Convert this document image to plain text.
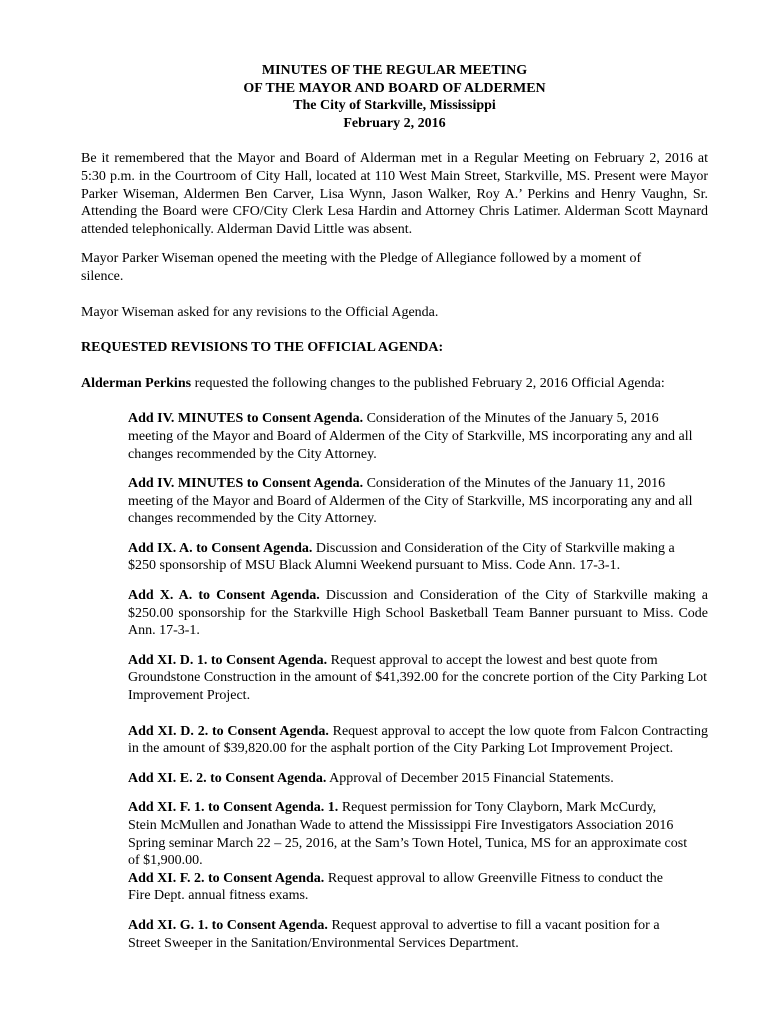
MINUTES OF THE REGULAR MEETING
OF THE MAYOR AND BOARD OF ALDERMEN
The City of Starkville, Mississippi
February 2, 2016

Be it remembered that the Mayor and Board of Alderman met in a Regular Meeting on February 2, 2016 at 5:30 p.m. in the Courtroom of City Hall, located at 110 West Main Street, Starkville, MS. Present were Mayor Parker Wiseman, Aldermen Ben Carver, Lisa Wynn, Jason Walker, Roy A.’ Perkins and Henry Vaughn, Sr. Attending the Board were CFO/City Clerk Lesa Hardin and Attorney Chris Latimer. Alderman Scott Maynard attended telephonically. Alderman David Little was absent.

Mayor Parker Wiseman opened the meeting with the Pledge of Allegiance followed by a moment of silence.

Mayor Wiseman asked for any revisions to the Official Agenda.

REQUESTED REVISIONS TO THE OFFICIAL AGENDA:

Alderman Perkins requested the following changes to the published February 2, 2016 Official Agenda:

Add IV. MINUTES to Consent Agenda. Consideration of the Minutes of the January 5, 2016 meeting of the Mayor and Board of Aldermen of the City of Starkville, MS incorporating any and all changes recommended by the City Attorney.

Add IV. MINUTES to Consent Agenda. Consideration of the Minutes of the January 11, 2016 meeting of the Mayor and Board of Aldermen of the City of Starkville, MS incorporating any and all changes recommended by the City Attorney.

Add IX. A. to Consent Agenda. Discussion and Consideration of the City of Starkville making a $250 sponsorship of MSU Black Alumni Weekend pursuant to Miss. Code Ann. 17-3-1.

Add X. A. to Consent Agenda. Discussion and Consideration of the City of Starkville making a $250.00 sponsorship for the Starkville High School Basketball Team Banner pursuant to Miss. Code Ann. 17-3-1.

Add XI. D. 1. to Consent Agenda. Request approval to accept the lowest and best quote from Groundstone Construction in the amount of $41,392.00 for the concrete portion of the City Parking Lot Improvement Project.

Add XI. D. 2. to Consent Agenda. Request approval to accept the low quote from Falcon Contracting in the amount of $39,820.00 for the asphalt portion of the City Parking Lot Improvement Project.

Add XI. E. 2. to Consent Agenda. Approval of December 2015 Financial Statements.

Add XI. F. 1. to Consent Agenda. 1. Request permission for Tony Clayborn, Mark McCurdy, Stein McMullen and Jonathan Wade to attend the Mississippi Fire Investigators Association 2016 Spring seminar March 22 – 25, 2016, at the Sam’s Town Hotel, Tunica, MS for an approximate cost of $1,900.00.

Add XI. F. 2. to Consent Agenda. Request approval to allow Greenville Fitness to conduct the Fire Dept. annual fitness exams.

Add XI. G. 1. to Consent Agenda. Request approval to advertise to fill a vacant position for a Street Sweeper in the Sanitation/Environmental Services Department.
